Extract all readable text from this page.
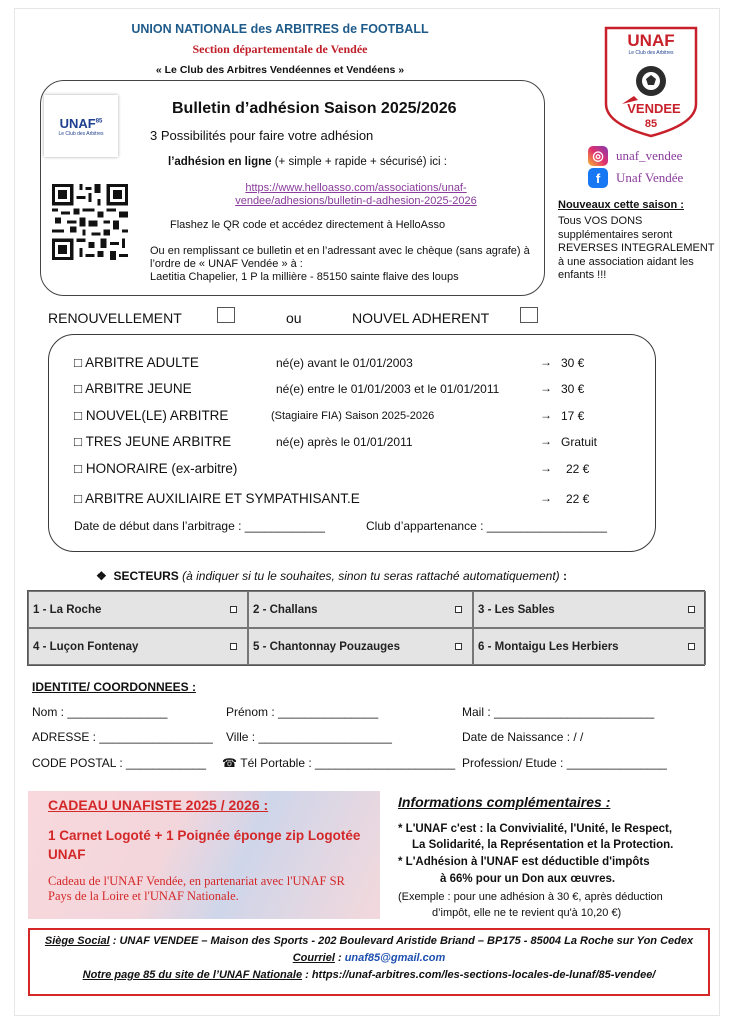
UNION NATIONALE des ARBITRES de FOOTBALL
Section départementale de Vendée
« Le Club des Arbitres Vendéennes et Vendéens »
UNAF$^{85}$
Le Club des Arbitres
Bulletin d’adhésion Saison 2025/2026
3 Possibilités pour faire votre adhésion
l’adhésion en ligne (+ simple + rapide + sécurisé) ici :
https://www.helloasso.com/associations/unaf-vendee/adhesions/bulletin-d-adhesion-2025-2026
Flashez le QR code et accédez directement à HelloAsso
Ou en remplissant ce bulletin et en l’adressant avec le chèque (sans agrafe) à l’ordre de « UNAF Vendée » à :
Laetitia Chapelier, 1 P la millière - 85150 sainte flaive des loups
UNAF
Le Club des Arbitres
VENDEE
85
◎ unaf_vendee
f	Unaf Vendée
Nouveaux cette saison :
Tous VOS DONS supplémentaires seront REVERSES INTEGRALEMENT à une association aidant les enfants !!!
RENOUVELLEMENT	ou	NOUVEL ADHERENT
□ ARBITRE ADULTE	né(e) avant le 01/01/2003	→ 30 €
□ ARBITRE JEUNE	né(e) entre le 01/01/2003 et le 01/01/2011	→ 30 €
□ NOUVEL(LE) ARBITRE	(Stagiaire FIA) Saison 2025-2026	→ 17 €
□ TRES JEUNE ARBITRE	né(e) après le 01/01/2011	→ Gratuit
□ HONORAIRE (ex-arbitre)	→ 22 €
□ ARBITRE AUXILIAIRE ET SYMPATHISANT.E	→ 22 €
Date de début dans l’arbitrage : ____________	Club d’appartenance : __________________
❖ SECTEURS (à indiquer si tu le souhaites, sinon tu seras rattaché automatiquement) :
1 - La Roche	2 - Challans	3 - Les Sables
4 - Luçon Fontenay	5 - Chantonnay Pouzauges	6 - Montaigu Les Herbiers
IDENTITE/ COORDONNEES :
Nom : _______________	Prénom : _______________	Mail : ________________________
ADRESSE : _________________ Ville : ____________________	Date de Naissance : / /
CODE POSTAL : ____________ ☎ Tél Portable : _____________________ Profession/ Etude : _______________
CADEAU UNAFISTE 2025 / 2026 :
1 Carnet Logoté + 1 Poignée éponge zip Logotée UNAF
Cadeau de l'UNAF Vendée, en partenariat avec l'UNAF SR Pays de la Loire et l'UNAF Nationale.
Informations complémentaires :
* L'UNAF c'est : la Convivialité, l'Unité, le Respect,
La Solidarité, la Représentation et la Protection.
* L'Adhésion à l'UNAF est déductible d'impôts
à 66% pour un Don aux œuvres.
(Exemple : pour une adhésion à 30 €, après déduction
d’impôt, elle ne te revient qu'à 10,20 €)
Siège Social : UNAF VENDEE – Maison des Sports - 202 Boulevard Aristide Briand – BP175 - 85004 La Roche sur Yon Cedex
Courriel : unaf85@gmail.com
Notre page 85 du site de l’UNAF Nationale : https://unaf-arbitres.com/les-sections-locales-de-lunaf/85-vendee/
